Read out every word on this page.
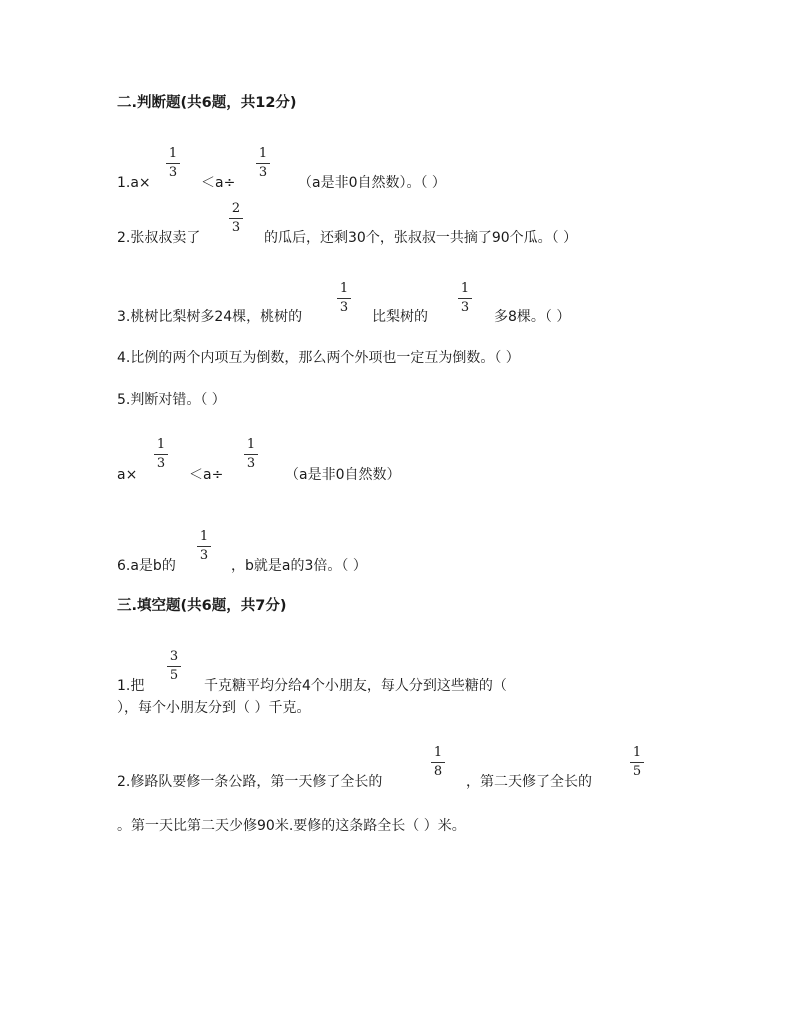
二.判断题(共6题，共12分)
1
3
1
3
1.a×	＜a÷	（a是非0自然数）。（ ）
2
3
2.张叔叔卖了	的瓜后，还剩30个，张叔叔一共摘了90个瓜。（ ）
1
3
1
3
3.桃树比梨树多24棵，桃树的	比梨树的	多8棵。（ ）
4.比例的两个内项互为倒数，那么两个外项也一定互为倒数。（ ）
5.判断对错。（ ）
1
3
1
3
a×	＜a÷	（a是非0自然数）
1
3
6.a是b的	，b就是a的3倍。（ ）
三.填空题(共6题，共7分)
3
5
1.把	千克糖平均分给4个小朋友，每人分到这些糖的（
），每个小朋友分到（ ）千克。
1
8
1
5
2.修路队要修一条公路，第一天修了全长的	，第二天修了全长的
。第一天比第二天少修90米.要修的这条路全长（ ）米。
